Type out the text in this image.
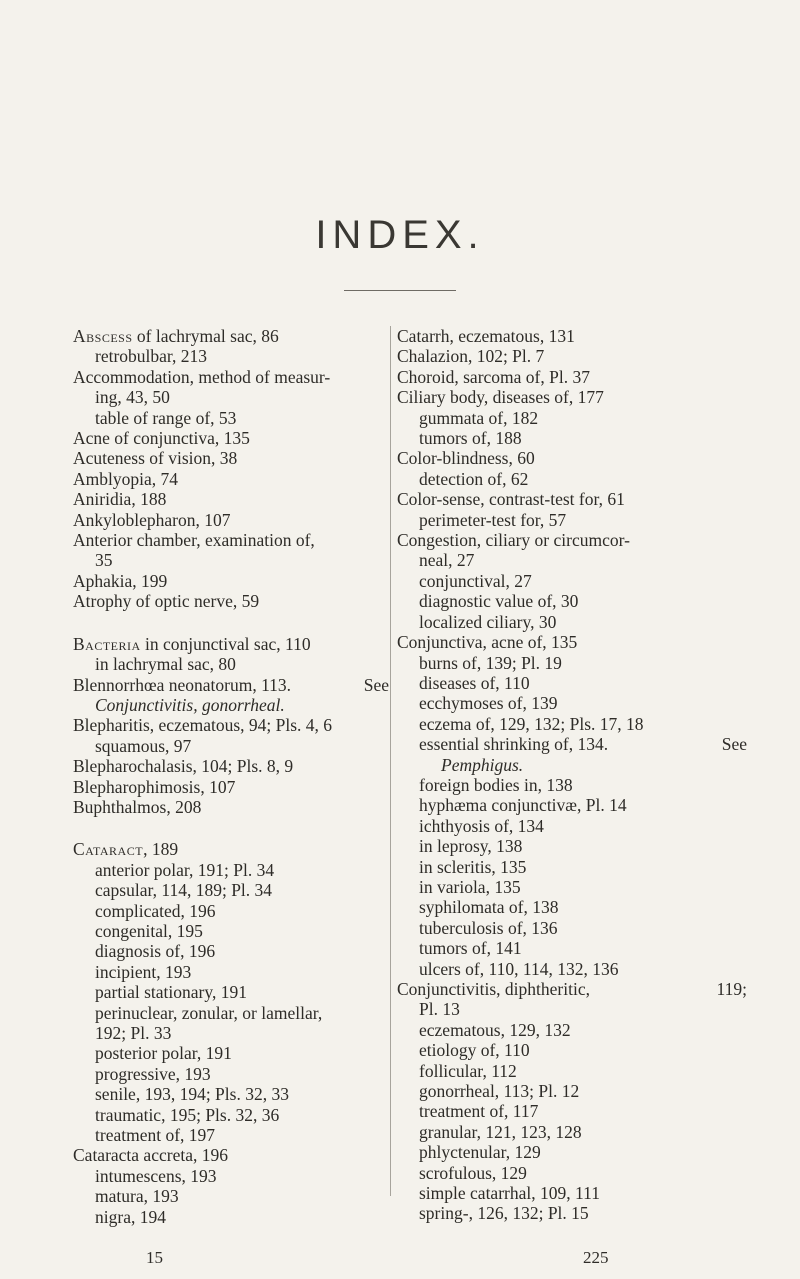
INDEX.
Abscess of lachrymal sac, 86
retrobulbar, 213
Accommodation, method of measur-
ing, 43, 50
table of range of, 53
Acne of conjunctiva, 135
Acuteness of vision, 38
Amblyopia, 74
Aniridia, 188
Ankyloblepharon, 107
Anterior chamber, examination of,
35
Aphakia, 199
Atrophy of optic nerve, 59
Bacteria in conjunctival sac, 110
in lachrymal sac, 80
Blennorrhœa neonatorum, 113.	See
Conjunctivitis, gonorrheal.
Blepharitis, eczematous, 94; Pls. 4, 6
squamous, 97
Blepharochalasis, 104; Pls. 8, 9
Blepharophimosis, 107
Buphthalmos, 208
Cataract, 189
anterior polar, 191; Pl. 34
capsular, 114, 189; Pl. 34
complicated, 196
congenital, 195
diagnosis of, 196
incipient, 193
partial stationary, 191
perinuclear, zonular, or lamellar,
192; Pl. 33
posterior polar, 191
progressive, 193
senile, 193, 194; Pls. 32, 33
traumatic, 195; Pls. 32, 36
treatment of, 197
Cataracta accreta, 196
intumescens, 193
matura, 193
nigra, 194
Catarrh, eczematous, 131
Chalazion, 102; Pl. 7
Choroid, sarcoma of, Pl. 37
Ciliary body, diseases of, 177
gummata of, 182
tumors of, 188
Color-blindness, 60
detection of, 62
Color-sense, contrast-test for, 61
perimeter-test for, 57
Congestion, ciliary or circumcor-
neal, 27
conjunctival, 27
diagnostic value of, 30
localized ciliary, 30
Conjunctiva, acne of, 135
burns of, 139; Pl. 19
diseases of, 110
ecchymoses of, 139
eczema of, 129, 132; Pls. 17, 18
essential shrinking of, 134.	See
Pemphigus.
foreign bodies in, 138
hyphæma conjunctivæ, Pl. 14
ichthyosis of, 134
in leprosy, 138
in scleritis, 135
in variola, 135
syphilomata of, 138
tuberculosis of, 136
tumors of, 141
ulcers of, 110, 114, 132, 136
Conjunctivitis, diphtheritic,	119;
Pl. 13
eczematous, 129, 132
etiology of, 110
follicular, 112
gonorrheal, 113; Pl. 12
treatment of, 117
granular, 121, 123, 128
phlyctenular, 129
scrofulous, 129
simple catarrhal, 109, 111
spring-, 126, 132; Pl. 15
15	225
